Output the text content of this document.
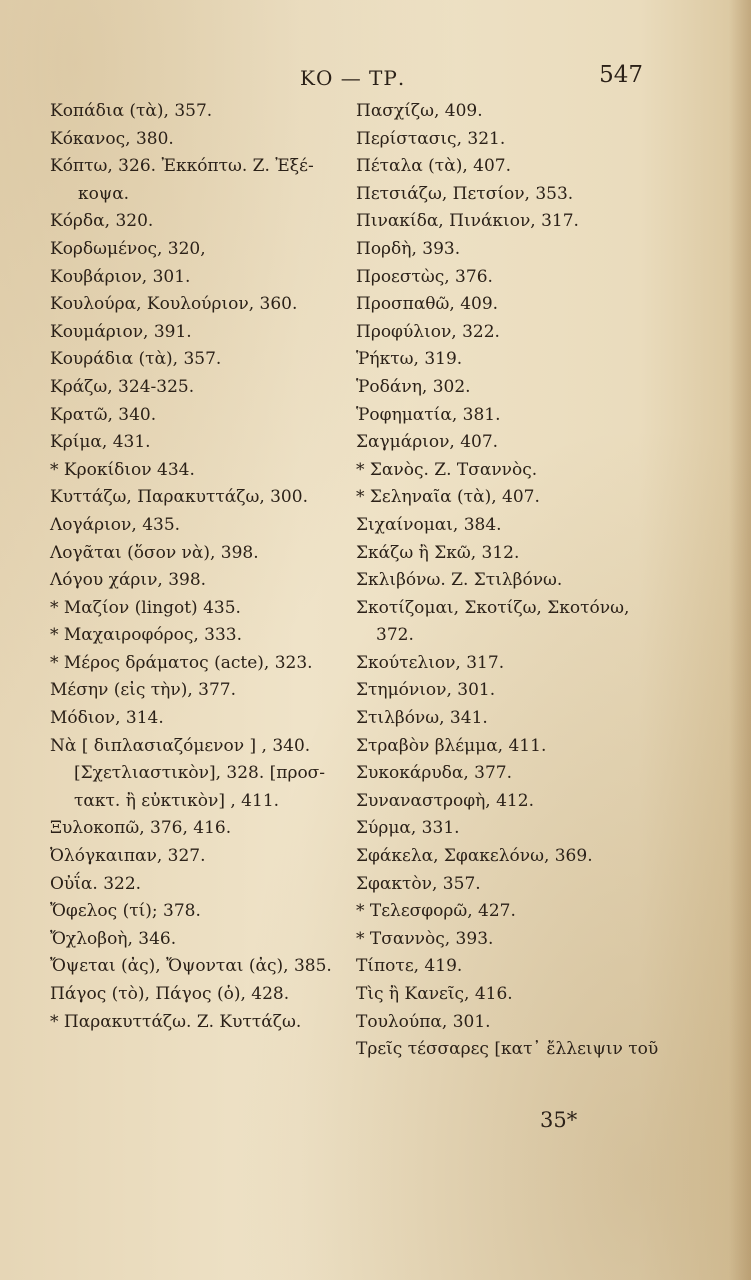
ΚΟ — ΤΡ.	547
Κοπάδια (τὰ), 357.
Κόκανος, 380.
Κόπτω, 326. Ἐκκόπτω. Ζ. Ἐξέ-
κοψα.
Κόρδα, 320.
Κορδωμένος, 320,
Κουβάριον, 301.
Κουλούρα, Κουλούριον, 360.
Κουμάριον, 391.
Κουράδια (τὰ), 357.
Κράζω, 324-325.
Κρατῶ, 340.
Κρίμα, 431.
* Κροκίδιον 434.
Κυττάζω, Παρακυττάζω, 300.
Λογάριον, 435.
Λογᾶται (ὅσον νὰ), 398.
Λόγου χάριν, 398.
* Μαζίον (lingot) 435.
* Μαχαιροφόρος, 333.
* Μέρος δράματος (acte), 323.
Μέσην (εἰς τὴν), 377.
Μόδιον, 314.
Νὰ [ διπλασιαζόμενον ] , 340.
[Σχετλιαστικὸν], 328. [προσ-
τακτ. ἢ εὐκτικὸν] , 411.
Ξυλοκοπῶ, 376, 416.
Ὀλόγκαιπαν, 327.
Οὐΐα. 322.
Ὄφελος (τί); 378.
Ὄχλοβοὴ, 346.
Ὄψεται (ἀς), Ὄψονται (ἀς), 385.
Πάγος (τὸ), Πάγος (ὁ), 428.
* Παρακυττάζω. Ζ. Κυττάζω.
Πασχίζω, 409.
Περίστασις, 321.
Πέταλα (τὰ), 407.
Πετσιάζω, Πετσίον, 353.
Πινακίδα, Πινάκιον, 317.
Πορδὴ, 393.
Προεστὼς, 376.
Προσπαθῶ, 409.
Προφύλιον, 322.
Ῥήκτω, 319.
Ῥοδάνη, 302.
Ῥοφηματία, 381.
Σαγμάριον, 407.
* Σανὸς. Ζ. Τσαννὸς.
* Σεληναῖα (τὰ), 407.
Σιχαίνομαι, 384.
Σκάζω ἢ Σκῶ, 312.
Σκλιβόνω. Ζ. Στιλβόνω.
Σκοτίζομαι, Σκοτίζω, Σκοτόνω,
372.
Σκούτελιον, 317.
Στημόνιον, 301.
Στιλβόνω, 341.
Στραβὸν βλέμμα, 411.
Συκοκάρυδα, 377.
Συναναστροφὴ, 412.
Σύρμα, 331.
Σφάκελα, Σφακελόνω, 369.
Σφακτὸν, 357.
* Τελεσφορῶ, 427.
* Τσαννὸς, 393.
Τίποτε, 419.
Τὶς ἢ Κανεῖς, 416.
Τουλούπα, 301.
Τρεῖς τέσσαρες [κατ᾽ ἔλλειψιν τοῦ
35*
